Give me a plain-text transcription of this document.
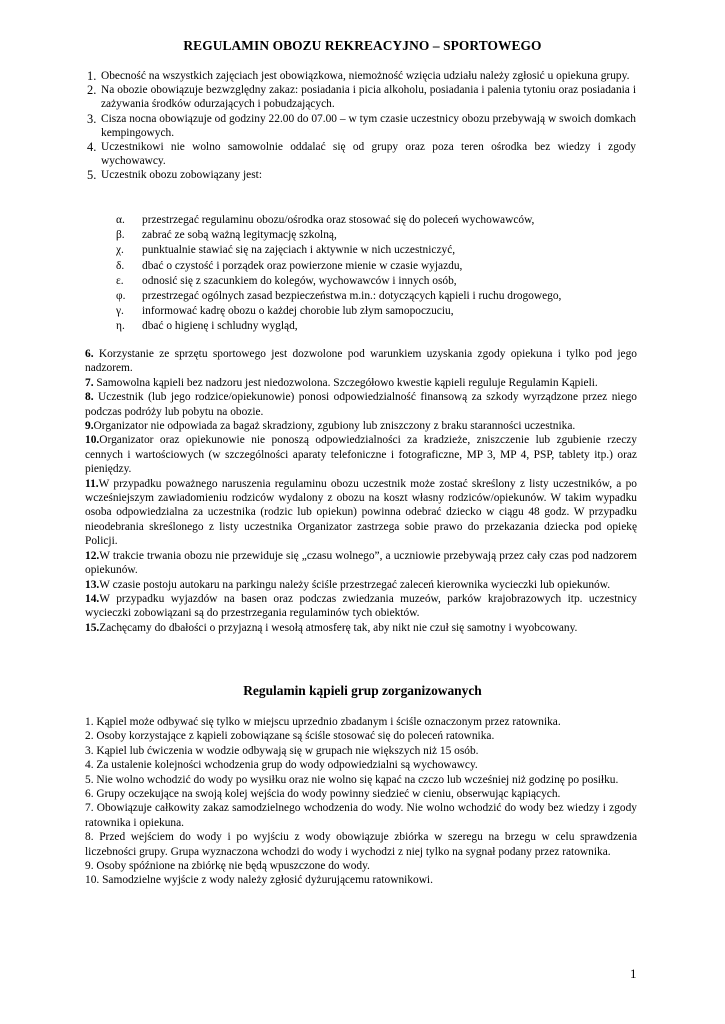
REGULAMIN OBOZU REKREACYJNO – SPORTOWEGO
1. Obecność na wszystkich zajęciach jest obowiązkowa, niemożność wzięcia udziału należy zgłosić u opiekuna grupy.
2. Na obozie obowiązuje bezwzględny zakaz: posiadania i picia alkoholu, posiadania i palenia tytoniu oraz posiadania i zażywania środków odurzających i pobudzających.
3. Cisza nocna obowiązuje od godziny 22.00 do 07.00 – w tym czasie uczestnicy obozu przebywają w swoich domkach kempingowych.
4. Uczestnikowi nie wolno samowolnie oddalać się od grupy oraz poza teren ośrodka bez wiedzy i zgody wychowawcy.
5. Uczestnik obozu zobowiązany jest:
α.	przestrzegać regulaminu obozu/ośrodka oraz stosować się do poleceń wychowawców,
β.	zabrać ze sobą ważną legitymację szkolną,
χ.	punktualnie stawiać się na zajęciach i aktywnie w nich uczestniczyć,
δ.	dbać o czystość i porządek oraz powierzone mienie w czasie wyjazdu,
ε.	odnosić się z szacunkiem do kolegów, wychowawców i innych osób,
φ.	przestrzegać ogólnych zasad bezpieczeństwa m.in.: dotyczących kąpieli i ruchu drogowego,
γ.	informować kadrę obozu o każdej chorobie lub złym samopoczuciu,
η.	dbać o higienę i schludny wygląd,

6. Korzystanie ze sprzętu sportowego jest dozwolone pod warunkiem uzyskania zgody opiekuna i tylko pod jego nadzorem.

7. Samowolna kąpieli bez nadzoru jest niedozwolona. Szczegółowo kwestie kąpieli reguluje Regulamin Kąpieli.

8. Uczestnik (lub jego rodzice/opiekunowie) ponosi odpowiedzialność finansową za szkody wyrządzone przez niego podczas podróży lub pobytu na obozie.

9.Organizator nie odpowiada za bagaż skradziony, zgubiony lub zniszczony z braku staranności uczestnika.

10.Organizator oraz opiekunowie nie ponoszą odpowiedzialności za kradzieże, zniszczenie lub zgubienie rzeczy cennych i wartościowych (w szczególności aparaty telefoniczne i fotograficzne, MP 3, MP 4, PSP, tablety itp.) oraz pieniędzy.

11.W przypadku poważnego naruszenia regulaminu obozu uczestnik może zostać skreślony z listy uczestników, a po wcześniejszym zawiadomieniu rodziców wydalony z obozu na koszt własny rodziców/opiekunów. W takim wypadku osoba odpowiedzialna za uczestnika (rodzic lub opiekun) powinna odebrać dziecko w ciągu 48 godz. W przypadku nieodebrania skreślonego z listy uczestnika Organizator zastrzega sobie prawo do przekazania dziecka pod opiekę Policji.

12.W trakcie trwania obozu nie przewiduje się „czasu wolnego”, a uczniowie przebywają przez cały czas pod nadzorem opiekunów.

13.W czasie postoju autokaru na parkingu należy ściśle przestrzegać zaleceń kierownika wycieczki lub opiekunów.

14.W przypadku wyjazdów na basen oraz podczas zwiedzania muzeów, parków krajobrazowych itp. uczestnicy wycieczki zobowiązani są do przestrzegania regulaminów tych obiektów.

15.Zachęcamy do dbałości o przyjazną i wesołą atmosferę tak, aby nikt nie czuł się samotny i wyobcowany.

Regulamin kąpieli grup zorganizowanych

1. Kąpiel może odbywać się tylko w miejscu uprzednio zbadanym i ściśle oznaczonym przez ratownika.

2. Osoby korzystające z kąpieli zobowiązane są ściśle stosować się do poleceń ratownika.

3. Kąpiel lub ćwiczenia w wodzie odbywają się w grupach nie większych niż 15 osób.

4. Za ustalenie kolejności wchodzenia grup do wody odpowiedzialni są wychowawcy.

5. Nie wolno wchodzić do wody po wysiłku oraz nie wolno się kąpać na czczo lub wcześniej niż godzinę po posiłku.

6. Grupy oczekujące na swoją kolej wejścia do wody powinny siedzieć w cieniu, obserwując kąpiących.

7. Obowiązuje całkowity zakaz samodzielnego wchodzenia do wody. Nie wolno wchodzić do wody bez wiedzy i zgody ratownika i opiekuna.

8. Przed wejściem do wody i po wyjściu z wody obowiązuje zbiórka w szeregu na brzegu w celu sprawdzenia liczebności grupy. Grupa wyznaczona wchodzi do wody i wychodzi z niej tylko na sygnał podany przez ratownika.

9. Osoby spóźnione na zbiórkę nie będą wpuszczone do wody.

10. Samodzielne wyjście z wody należy zgłosić dyżurującemu ratownikowi.

1
